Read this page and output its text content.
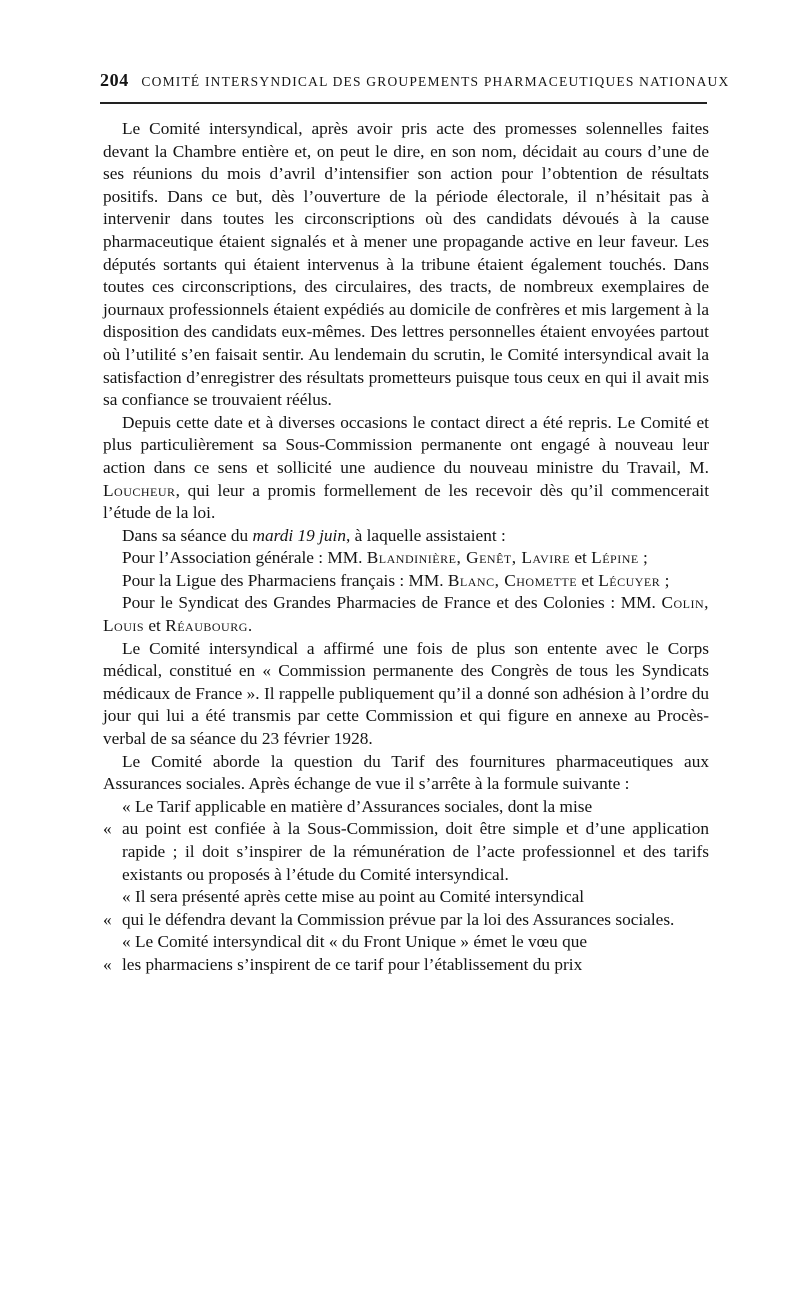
204 COMITÉ INTERSYNDICAL DES GROUPEMENTS PHARMACEUTIQUES NATIONAUX

Le Comité intersyndical, après avoir pris acte des promesses solennelles faites devant la Chambre entière et, on peut le dire, en son nom, décidait au cours d’une de ses réunions du mois d’avril d’intensifier son action pour l’obtention de résultats positifs. Dans ce but, dès l’ouverture de la période électorale, il n’hésitait pas à intervenir dans toutes les circonscriptions où des candidats dévoués à la cause pharmaceutique étaient signalés et à mener une propagande active en leur faveur. Les députés sortants qui étaient intervenus à la tribune étaient également touchés. Dans toutes ces circonscriptions, des circulaires, des tracts, de nombreux exemplaires de journaux professionnels étaient expédiés au domicile de confrères et mis largement à la disposition des candidats eux-mêmes. Des lettres personnelles étaient envoyées partout où l’utilité s’en faisait sentir. Au lendemain du scrutin, le Comité intersyndical avait la satisfaction d’enregistrer des résultats prometteurs puisque tous ceux en qui il avait mis sa confiance se trouvaient réélus.

Depuis cette date et à diverses occasions le contact direct a été repris. Le Comité et plus particulièrement sa Sous-Commission permanente ont engagé à nouveau leur action dans ce sens et sollicité une audience du nouveau ministre du Travail, M. Loucheur, qui leur a promis formellement de les recevoir dès qu’il commencerait l’étude de la loi.

Dans sa séance du mardi 19 juin, à laquelle assistaient :

Pour l’Association générale : MM. Blandinière, Genêt, Lavire et Lépine ;

Pour la Ligue des Pharmaciens français : MM. Blanc, Chomette et Lécuyer ;

Pour le Syndicat des Grandes Pharmacies de France et des Colonies : MM. Colin, Louis et Réaubourg.

Le Comité intersyndical a affirmé une fois de plus son entente avec le Corps médical, constitué en « Commission permanente des Congrès de tous les Syndicats médicaux de France ». Il rappelle publiquement qu’il a donné son adhésion à l’ordre du jour qui lui a été transmis par cette Commission et qui figure en annexe au Procès-verbal de sa séance du 23 février 1928.

Le Comité aborde la question du Tarif des fournitures pharmaceutiques aux Assurances sociales. Après échange de vue il s’arrête à la formule suivante :

« Le Tarif applicable en matière d’Assurances sociales, dont la mise

« au point est confiée à la Sous-Commission, doit être simple et d’une application rapide ; il doit s’inspirer de la rémunération de l’acte professionnel et des tarifs existants ou proposés à l’étude du Comité intersyndical.

« Il sera présenté après cette mise au point au Comité intersyndical

« qui le défendra devant la Commission prévue par la loi des Assurances sociales.

« Le Comité intersyndical dit « du Front Unique » émet le vœu que

« les pharmaciens s’inspirent de ce tarif pour l’établissement du prix
